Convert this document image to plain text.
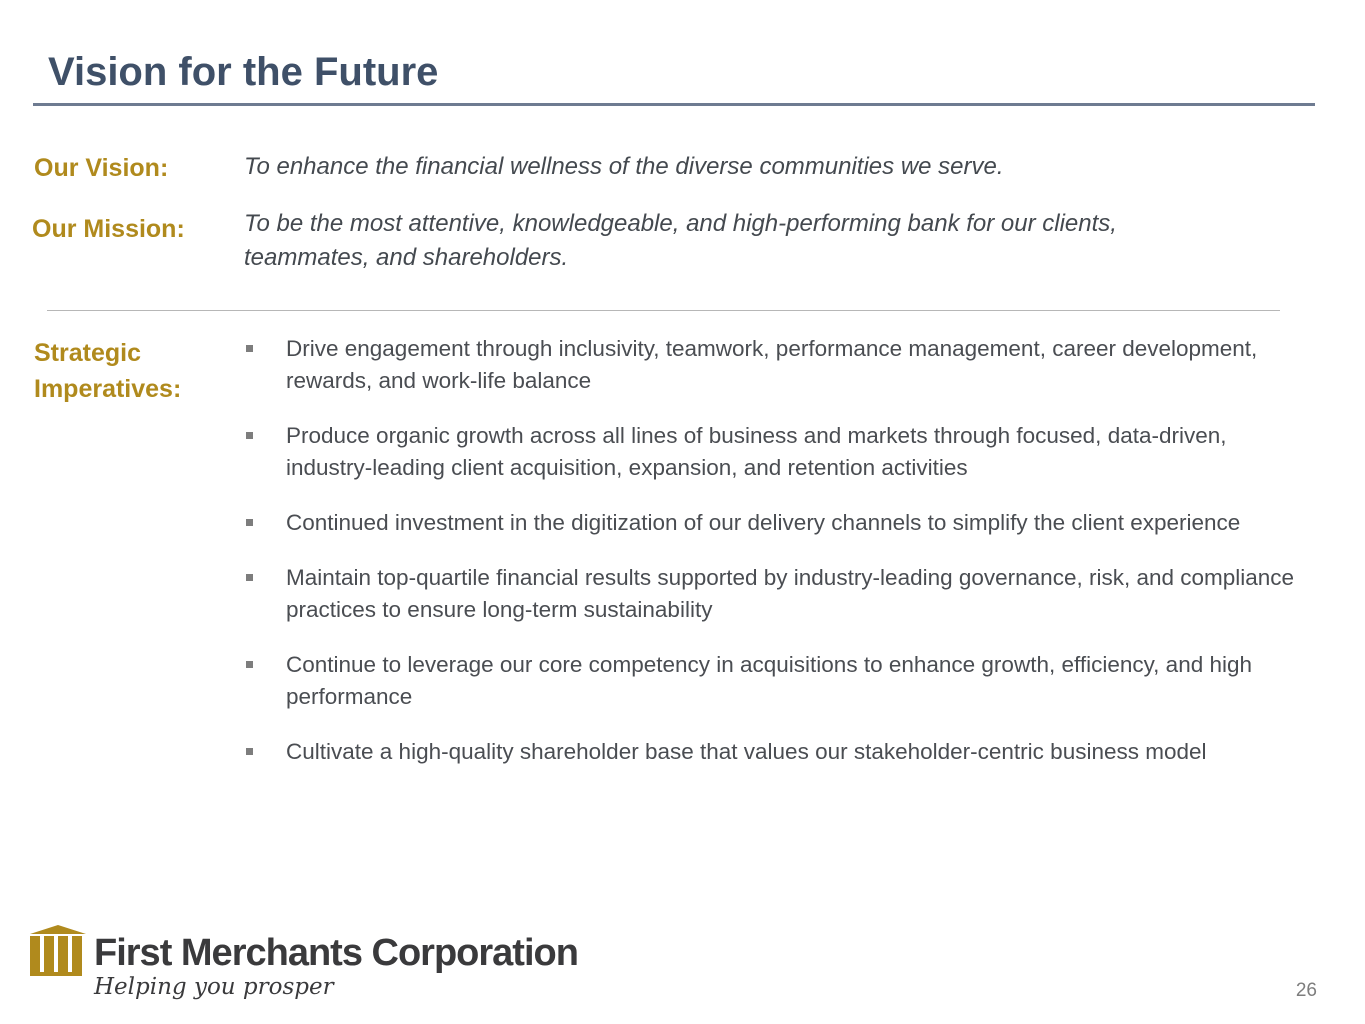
Vision for the Future
Our Vision:	To enhance the financial wellness of the diverse communities we serve.
Our Mission: To be the most attentive, knowledgeable, and high-performing bank for our clients, teammates, and shareholders.
Strategic Imperatives:
Drive engagement through inclusivity, teamwork, performance management, career development, rewards, and work-life balance
Produce organic growth across all lines of business and markets through focused, data-driven, industry-leading client acquisition, expansion, and retention activities
Continued investment in the digitization of our delivery channels to simplify the client experience
Maintain top-quartile financial results supported by industry-leading governance, risk, and compliance practices to ensure long-term sustainability
Continue to leverage our core competency in acquisitions to enhance growth, efficiency, and high performance
Cultivate a high-quality shareholder base that values our stakeholder-centric business model
First Merchants Corporation
Helping you prosper	26
